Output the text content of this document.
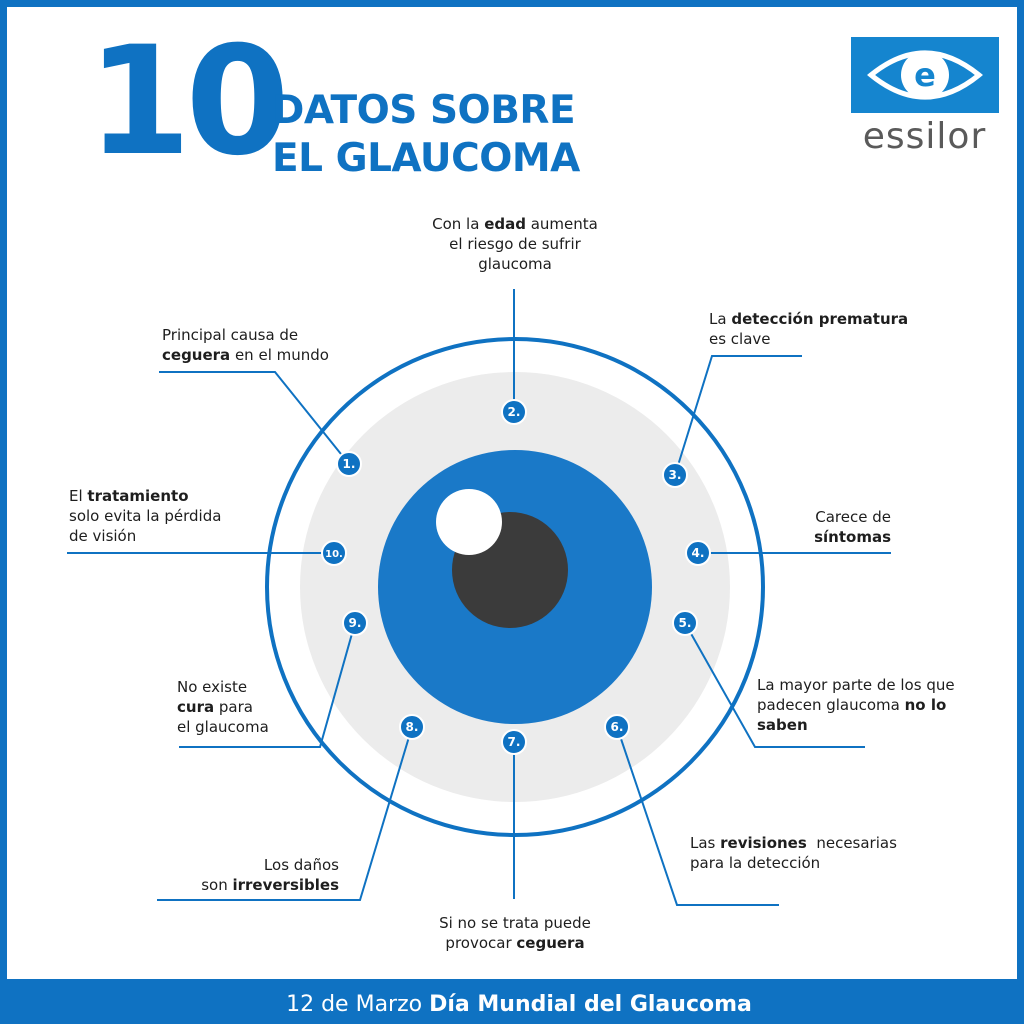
1.
2.
3.
4.
5.
6.
7.
8.
9.
10.
10
DATOS SOBRE
EL GLAUCOMA
e
essilor
Principal causa de
ceguera en el mundo
Con la edad aumenta
el riesgo de sufrir
glaucoma
La detección prematura
es clave
Carece de
síntomas
La mayor parte de los que
padecen glaucoma no lo
saben
Las revisiones  necesarias
para la detección
Si no se trata puede
provocar ceguera
Los daños
son irreversibles
No existe
cura para
el glaucoma
El tratamiento
solo evita la pérdida
de visión
12 de Marzo Día Mundial del Glaucoma
